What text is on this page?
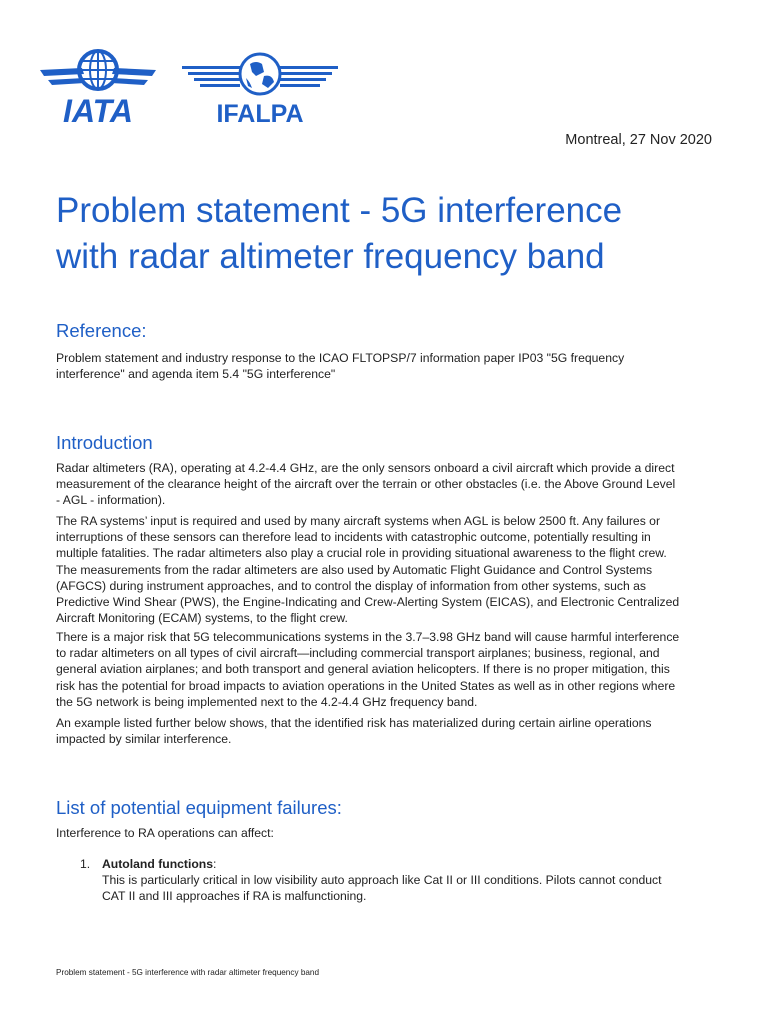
IATA	IFALPA
Montreal, 27 Nov 2020
Problem statement - 5G interference
with radar altimeter frequency band
Reference:

Problem statement and industry response to the ICAO FLTOPSP/7 information paper IP03 "5G frequency
interference" and agenda item 5.4 "5G interference"

Introduction

Radar altimeters (RA), operating at 4.2-4.4 GHz, are the only sensors onboard a civil aircraft which provide a direct
measurement of the clearance height of the aircraft over the terrain or other obstacles (i.e. the Above Ground Level
- AGL - information).

The RA systems’ input is required and used by many aircraft systems when AGL is below 2500 ft. Any failures or
interruptions of these sensors can therefore lead to incidents with catastrophic outcome, potentially resulting in
multiple fatalities. The radar altimeters also play a crucial role in providing situational awareness to the flight crew.
The measurements from the radar altimeters are also used by Automatic Flight Guidance and Control Systems
(AFGCS) during instrument approaches, and to control the display of information from other systems, such as
Predictive Wind Shear (PWS), the Engine-Indicating and Crew-Alerting System (EICAS), and Electronic Centralized
Aircraft Monitoring (ECAM) systems, to the flight crew.

There is a major risk that 5G telecommunications systems in the 3.7–3.98 GHz band will cause harmful interference
to radar altimeters on all types of civil aircraft—including commercial transport airplanes; business, regional, and
general aviation airplanes; and both transport and general aviation helicopters. If there is no proper mitigation, this
risk has the potential for broad impacts to aviation operations in the United States as well as in other regions where
the 5G network is being implemented next to the 4.2-4.4 GHz frequency band.

An example listed further below shows, that the identified risk has materialized during certain airline operations
impacted by similar interference.

List of potential equipment failures:

Interference to RA operations can affect:

1. Autoland functions:
This is particularly critical in low visibility auto approach like Cat II or III conditions. Pilots cannot conduct
CAT II and III approaches if RA is malfunctioning.
Problem statement - 5G interference with radar altimeter frequency band
